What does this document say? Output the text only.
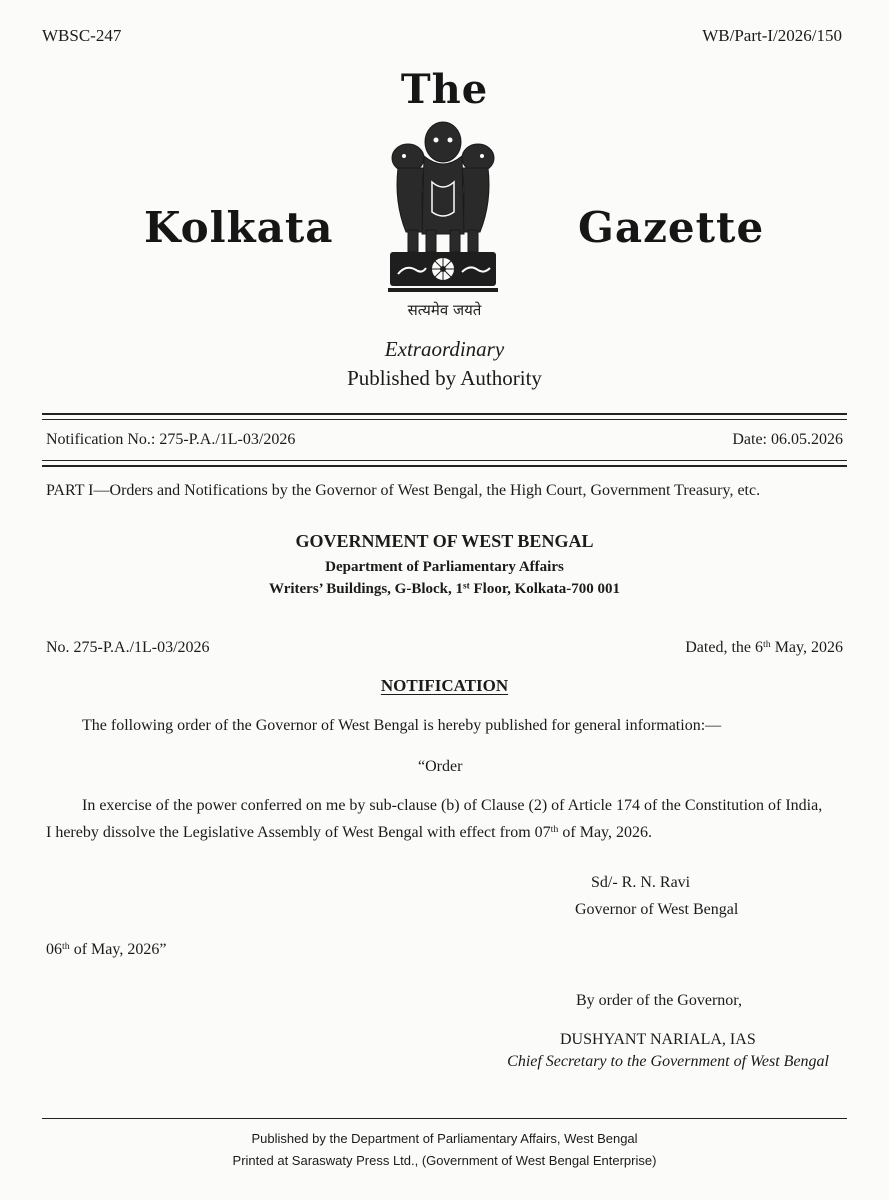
WBSC-247	WB/Part-I/2026/150
The
Kolkata	Gazette
सत्यमेव जयते
Extraordinary
Published by Authority
Notification No.: 275-P.A./1L-03/2026	Date: 06.05.2026
PART I—Orders and Notifications by the Governor of West Bengal, the High Court, Government Treasury, etc.
GOVERNMENT OF WEST BENGAL
Department of Parliamentary Affairs
Writers’ Buildings, G-Block, 1st Floor, Kolkata-700 001
No. 275-P.A./1L-03/2026	Dated, the 6th May, 2026
NOTIFICATION
The following order of the Governor of West Bengal is hereby published for general information:—
“Order
In exercise of the power conferred on me by sub-clause (b) of Clause (2) of Article 174 of the Constitution of India,
I hereby dissolve the Legislative Assembly of West Bengal with effect from 07th of May, 2026.
Sd/- R. N. Ravi
Governor of West Bengal
06th of May, 2026”
By order of the Governor,
DUSHYANT NARIALA, IAS
Chief Secretary to the Government of West Bengal
Published by the Department of Parliamentary Affairs, West Bengal
Printed at Saraswaty Press Ltd., (Government of West Bengal Enterprise)
